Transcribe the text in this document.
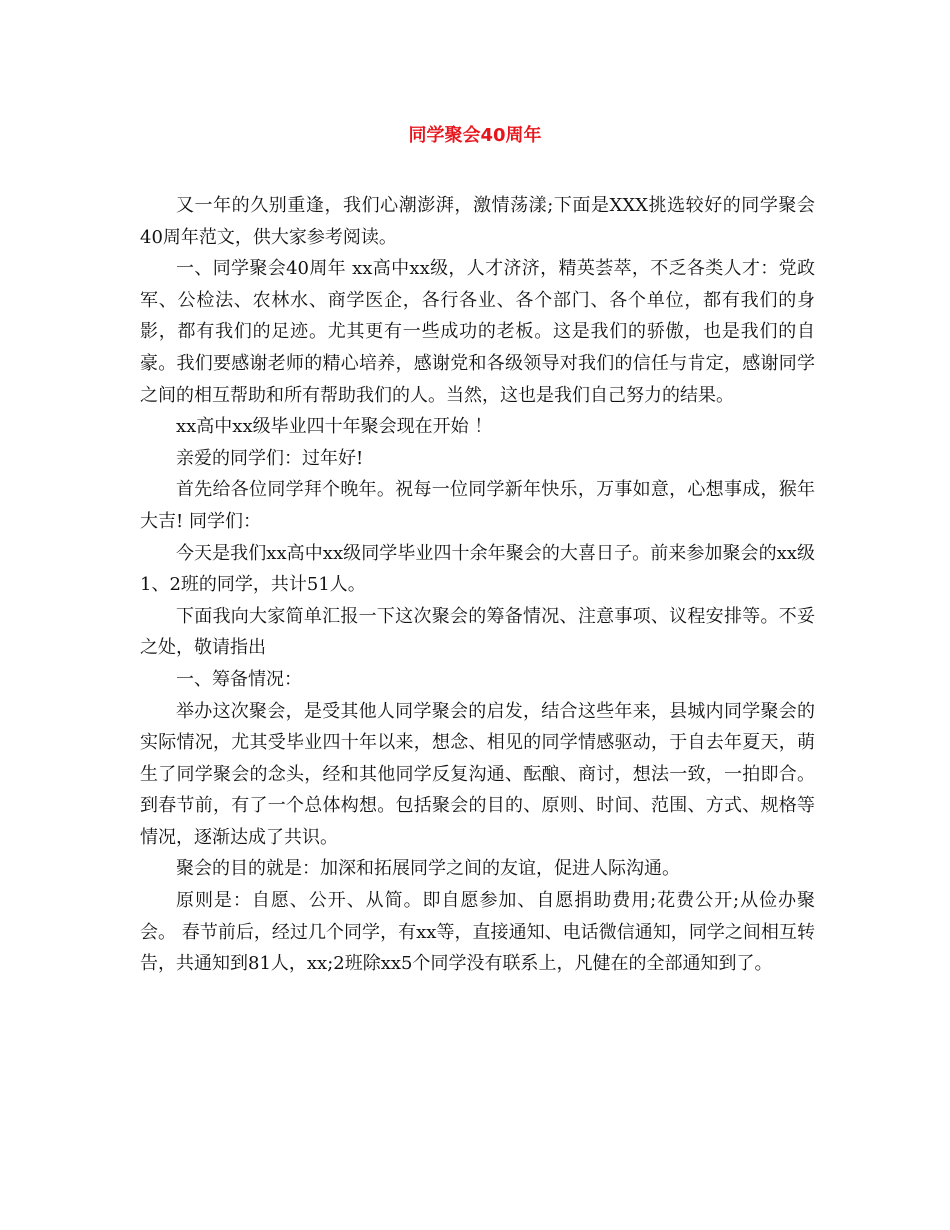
同学聚会40周年

又一年的久别重逢，我们心潮澎湃，激情荡漾;下面是XXX挑选较好的同学聚会40周年范文，供大家参考阅读。

一、同学聚会40周年 xx高中xx级，人才济济，精英荟萃，不乏各类人才：党政军、公检法、农林水、商学医企，各行各业、各个部门、各个单位，都有我们的身影，都有我们的足迹。尤其更有一些成功的老板。这是我们的骄傲，也是我们的自豪。我们要感谢老师的精心培养，感谢党和各级领导对我们的信任与肯定，感谢同学之间的相互帮助和所有帮助我们的人。当然，这也是我们自己努力的结果。

xx高中xx级毕业四十年聚会现在开始 ！

亲爱的同学们：过年好!

首先给各位同学拜个晚年。祝每一位同学新年快乐，万事如意，心想事成，猴年大吉! 同学们：

今天是我们xx高中xx级同学毕业四十余年聚会的大喜日子。前来参加聚会的xx级1、2班的同学，共计51人。

下面我向大家简单汇报一下这次聚会的筹备情况、注意事项、议程安排等。不妥之处，敬请指出

一、筹备情况：

举办这次聚会，是受其他人同学聚会的启发，结合这些年来，县城内同学聚会的实际情况，尤其受毕业四十年以来，想念、相见的同学情感驱动，于自去年夏天，萌生了同学聚会的念头，经和其他同学反复沟通、酝酿、商讨，想法一致，一拍即合。到春节前，有了一个总体构想。包括聚会的目的、原则、时间、范围、方式、规格等情况，逐渐达成了共识。

聚会的目的就是：加深和拓展同学之间的友谊，促进人际沟通。

原则是：自愿、公开、从简。即自愿参加、自愿捐助费用;花费公开;从俭办聚会。 春节前后，经过几个同学，有xx等，直接通知、电话微信通知，同学之间相互转告，共通知到81人，xx;2班除xx5个同学没有联系上，凡健在的全部通知到了。
